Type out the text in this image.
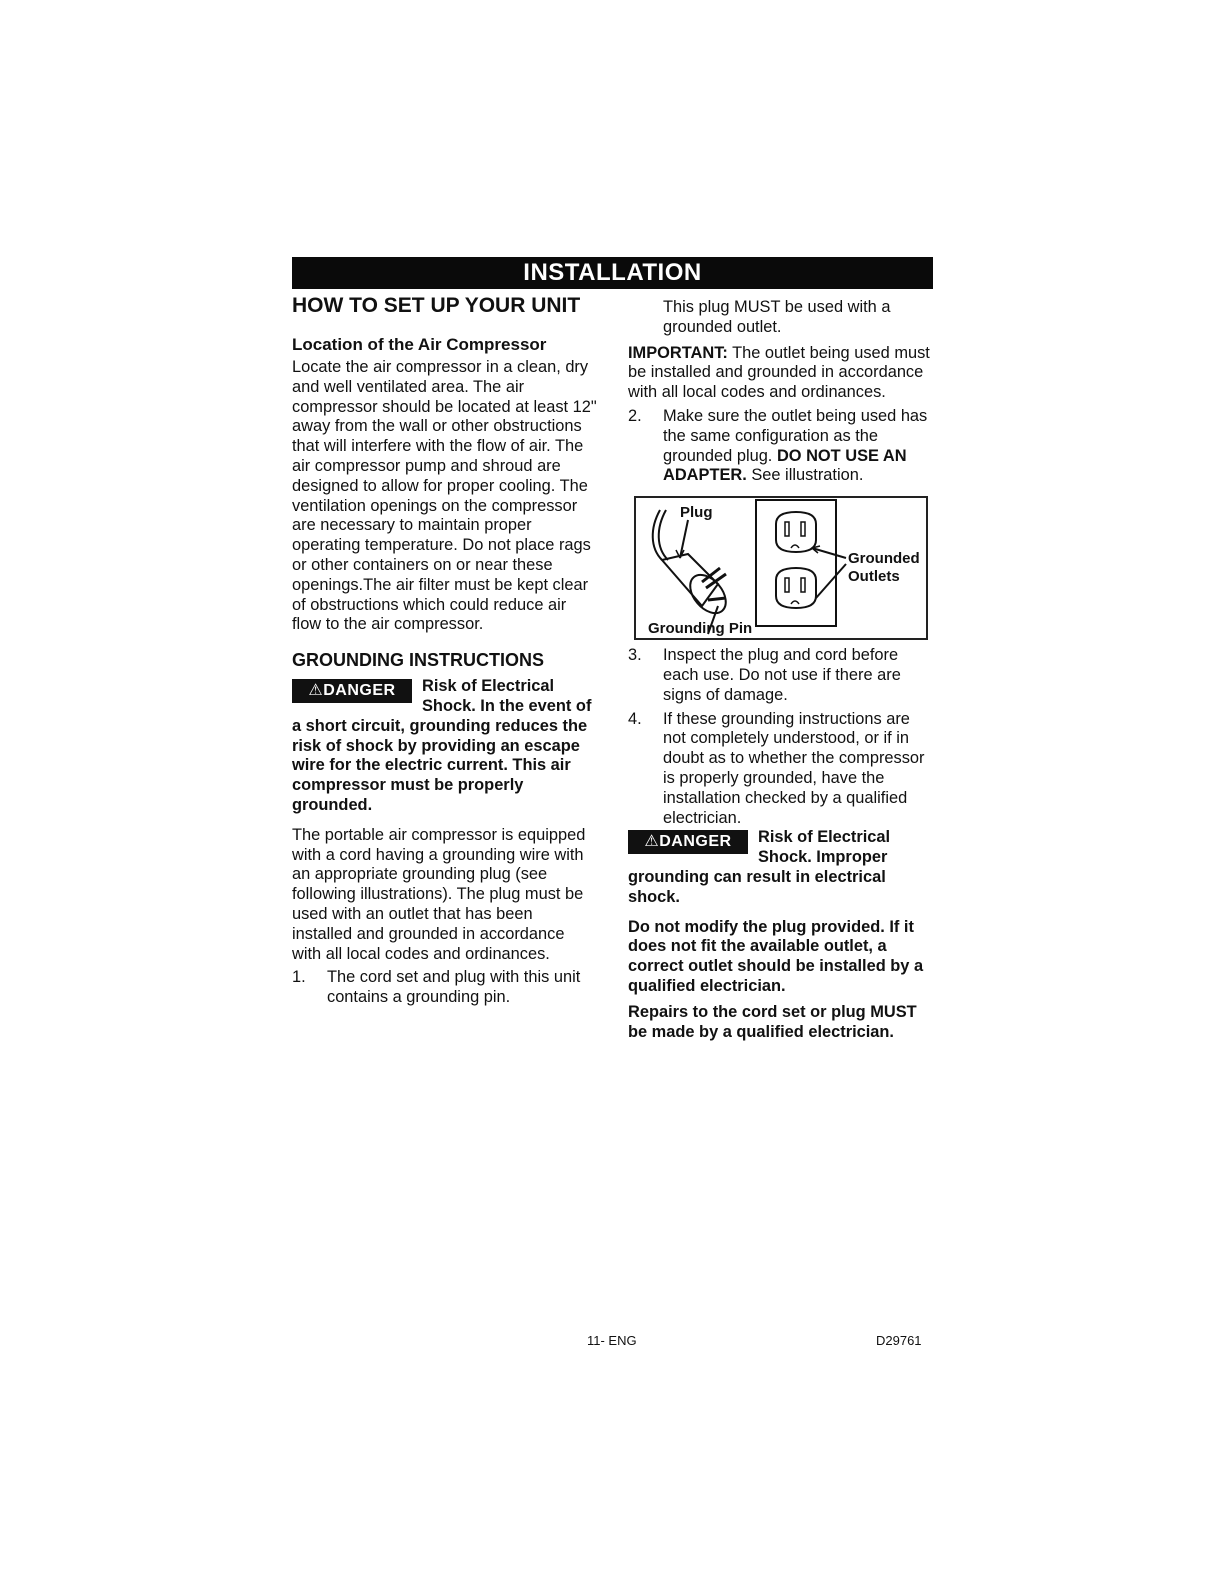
INSTALLATION
HOW TO SET UP YOUR UNIT
Location of the Air Compressor

Locate the air compressor in a clean, dry and well ventilated area. The air compressor should be located at least 12" away from the wall or other obstructions that will interfere with the flow of air. The air compressor pump and shroud are designed to allow for proper cooling. The ventilation openings on the compressor are necessary to maintain proper operating temperature. Do not place rags or other containers on or near these openings.The air filter must be kept clear of obstructions which could reduce air flow to the air compressor.

GROUNDING INSTRUCTIONS
⚠DANGER	Risk of Electrical Shock. In the event of a short circuit, grounding reduces the risk of shock by providing an escape wire for the electric current. This air compressor must be properly grounded.

The portable air compressor is equipped with a cord having a grounding wire with an appropriate grounding plug (see following illustrations). The plug must be used with an outlet that has been installed and grounded in accordance with all local codes and ordinances.

1.	The cord set and plug with this unit contains a grounding pin.

This plug MUST be used with a grounded outlet.

IMPORTANT: The outlet being used must be installed and grounded in accordance with all local codes and ordinances.

2.	Make sure the outlet being used has the same configuration as the grounded plug. DO NOT USE AN ADAPTER. See illustration.
Plug
Grounded
Outlets
Grounding Pin
3.	Inspect the plug and cord before each use. Do not use if there are signs of damage.
4.	If these grounding instructions are not completely understood, or if in doubt as to whether the compressor is properly grounded, have the installation checked by a qualified electrician.
⚠DANGER	Risk of Electrical Shock. Improper grounding can result in electrical shock.

Do not modify the plug provided. If it does not fit the available outlet, a correct outlet should be installed by a qualified electrician.

Repairs to the cord set or plug MUST be made by a qualified electrician.

11- ENG	D29761
